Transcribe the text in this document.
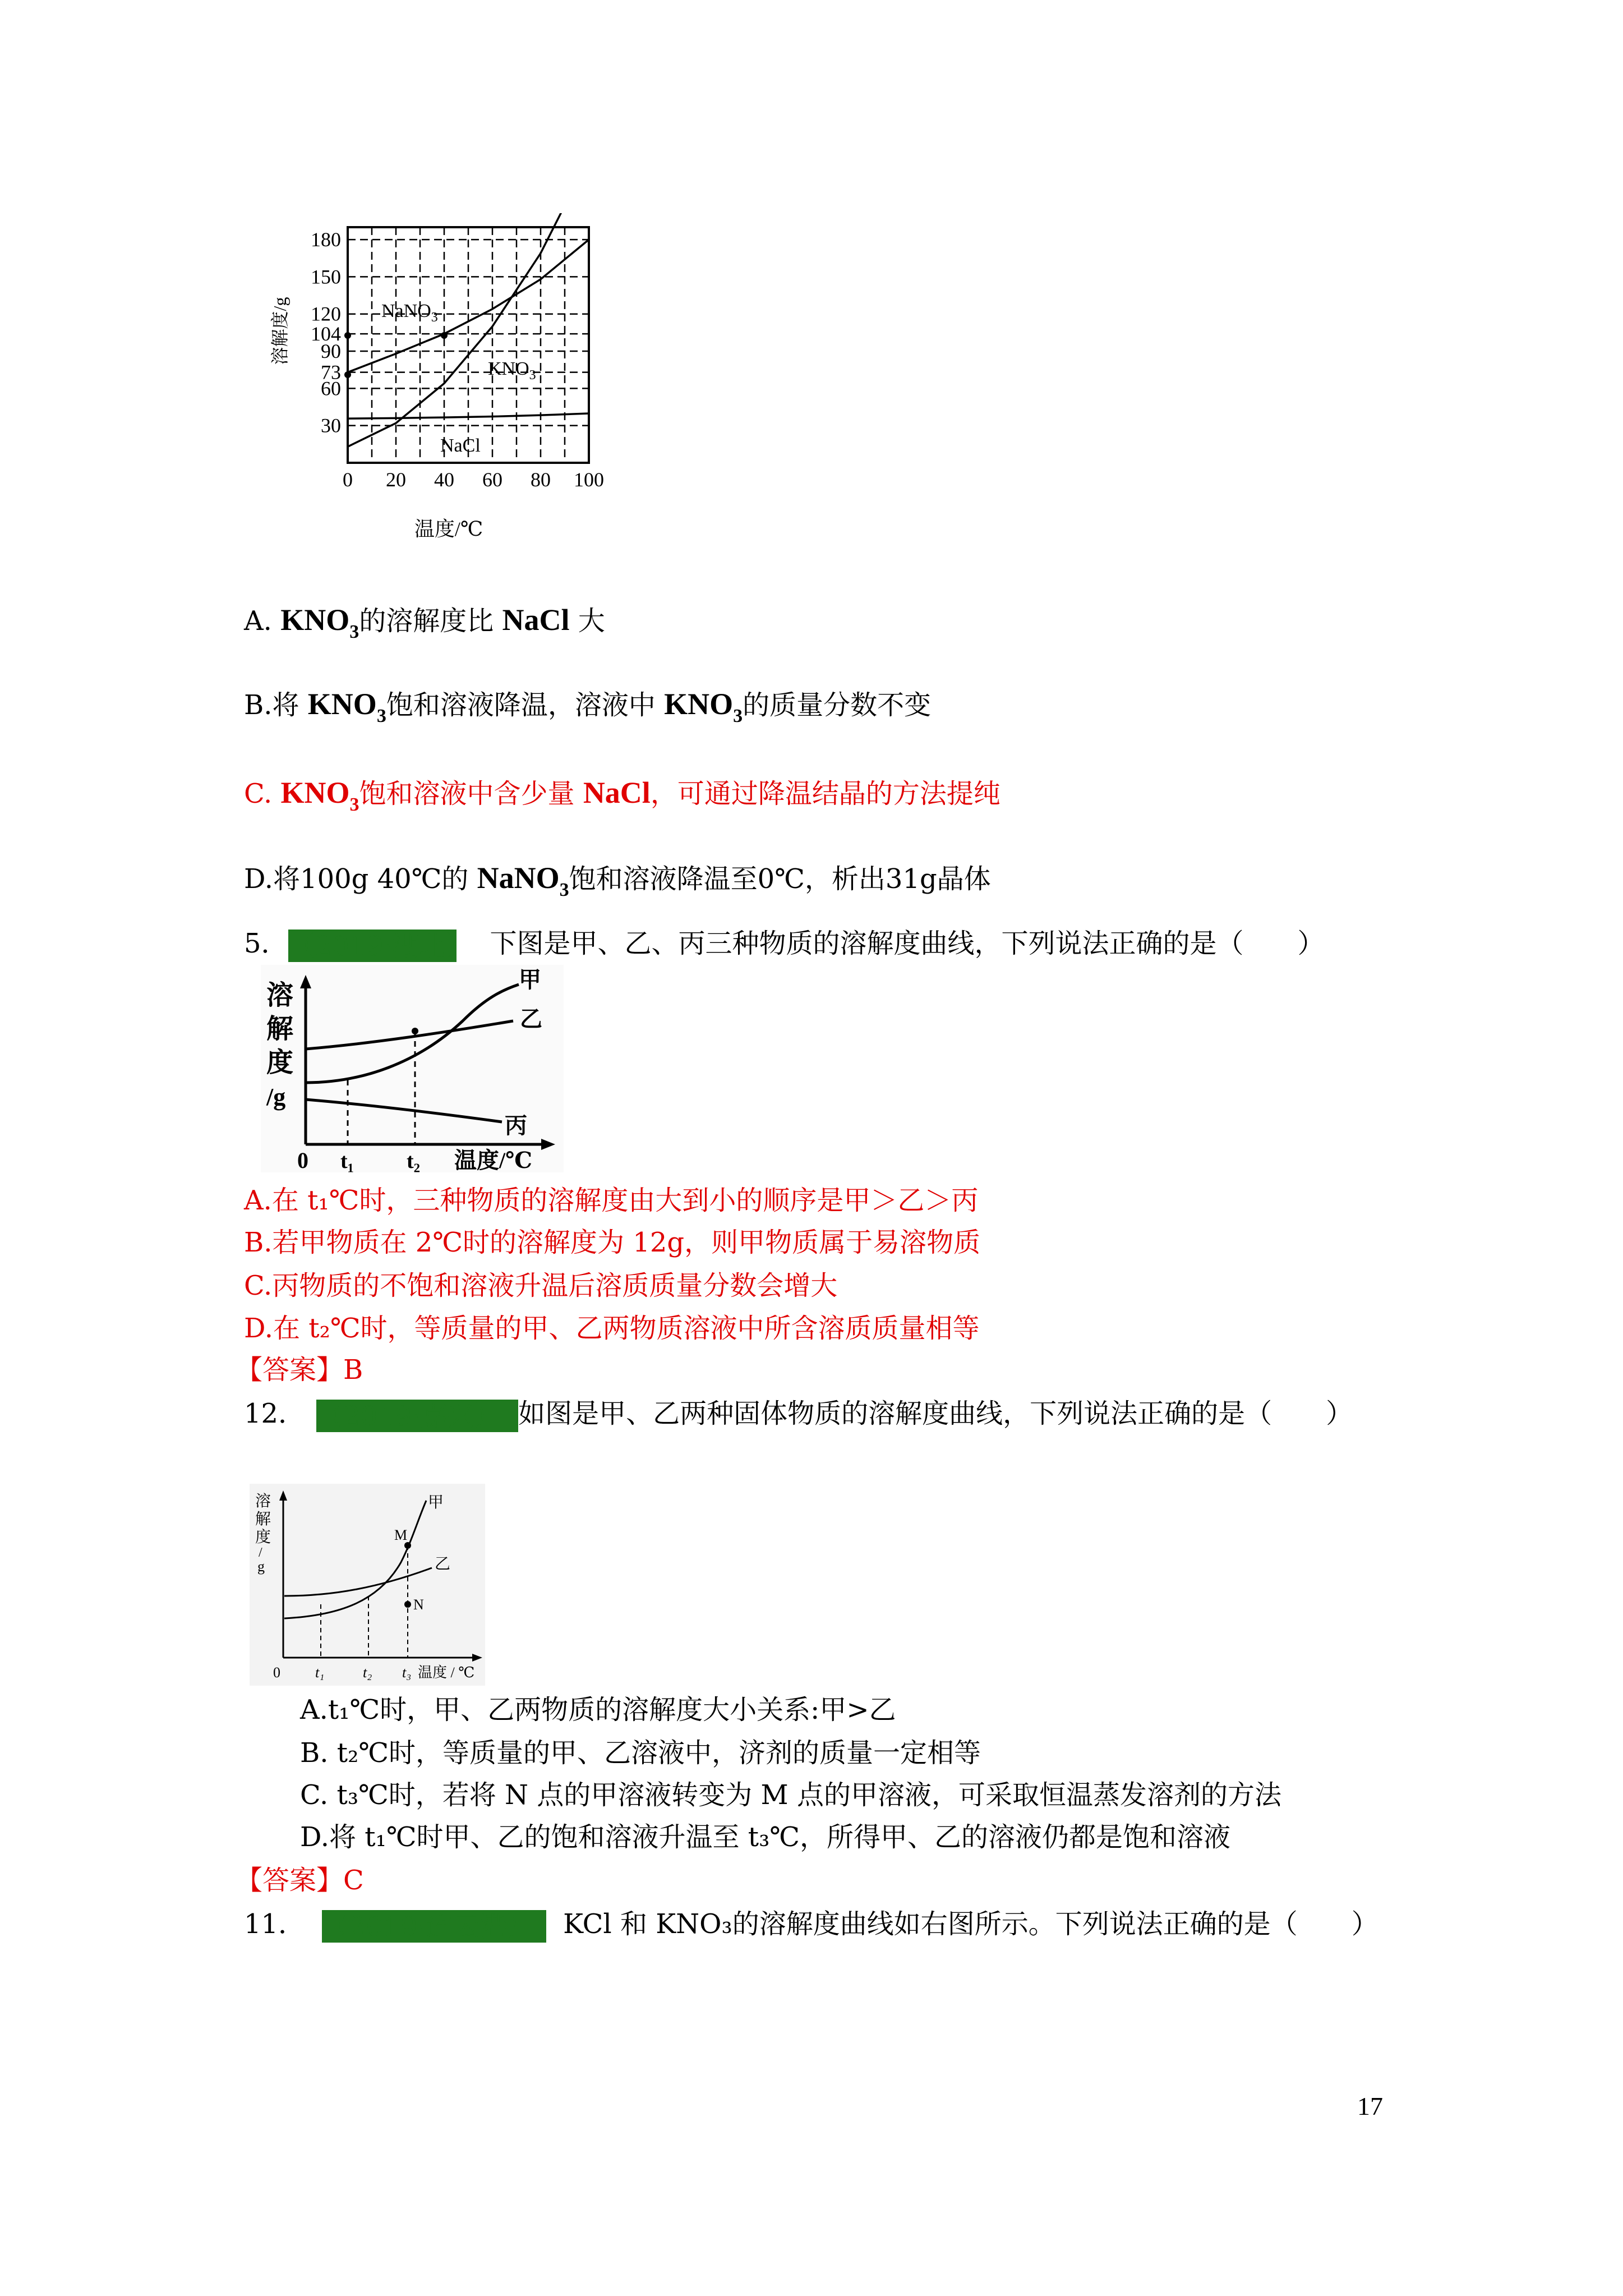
180
150
120
104
90
73
60
30
0 20 40 60 80 100
溶解度/g
温度/℃
NaNO$_3$
$KNO_3$
NaCl
A. $KNO_3$的溶解度比 NaCl 大
B.将 $KNO_3$饱和溶液降温，溶液中 $KNO_3$的质量分数不变
C. $KNO_3$饱和溶液中含少量 NaCl，可通过降温结晶的方法提纯
D.将100g 40℃的 NaNO$_3$饱和溶液降温至0℃，析出31g晶体
5．（2019·湖北） 下图是甲、乙、丙三种物质的溶解度曲线，下列说法正确的是（　　）
溶
解
度
/g
0 t₁ t₂ 温度/℃
甲
乙
丙
A.在 t₁℃时，三种物质的溶解度由大到小的顺序是甲＞乙＞丙
B.若甲物质在 2℃时的溶解度为 12g，则甲物质属于易溶物质
C.丙物质的不饱和溶液升温后溶质质量分数会增大
D.在 t₂℃时，等质量的甲、乙两物质溶液中所含溶质质量相等
【答案】B
12． （2019·嘉兴） 如图是甲、乙两种固体物质的溶解度曲线，下列说法正确的是（　　）
溶
解
度
/
g
0 t₁	t₂ t₃ 温度 / ℃
甲
乙
M
N
A.t₁℃时，甲、乙两物质的溶解度大小关系:甲>乙
B. t₂℃时，等质量的甲、乙溶液中，济剂的质量一定相等
C. t₃℃时，若将 N 点的甲溶液转变为 M 点的甲溶液，可采取恒温蒸发溶剂的方法
D.将 t₁℃时甲、乙的饱和溶液升温至 t₃℃，所得甲、乙的溶液仍都是饱和溶液
【答案】C
11． （2019·连云港） KCl 和 KNO₃的溶解度曲线如右图所示。下列说法正确的是（　　）
17
